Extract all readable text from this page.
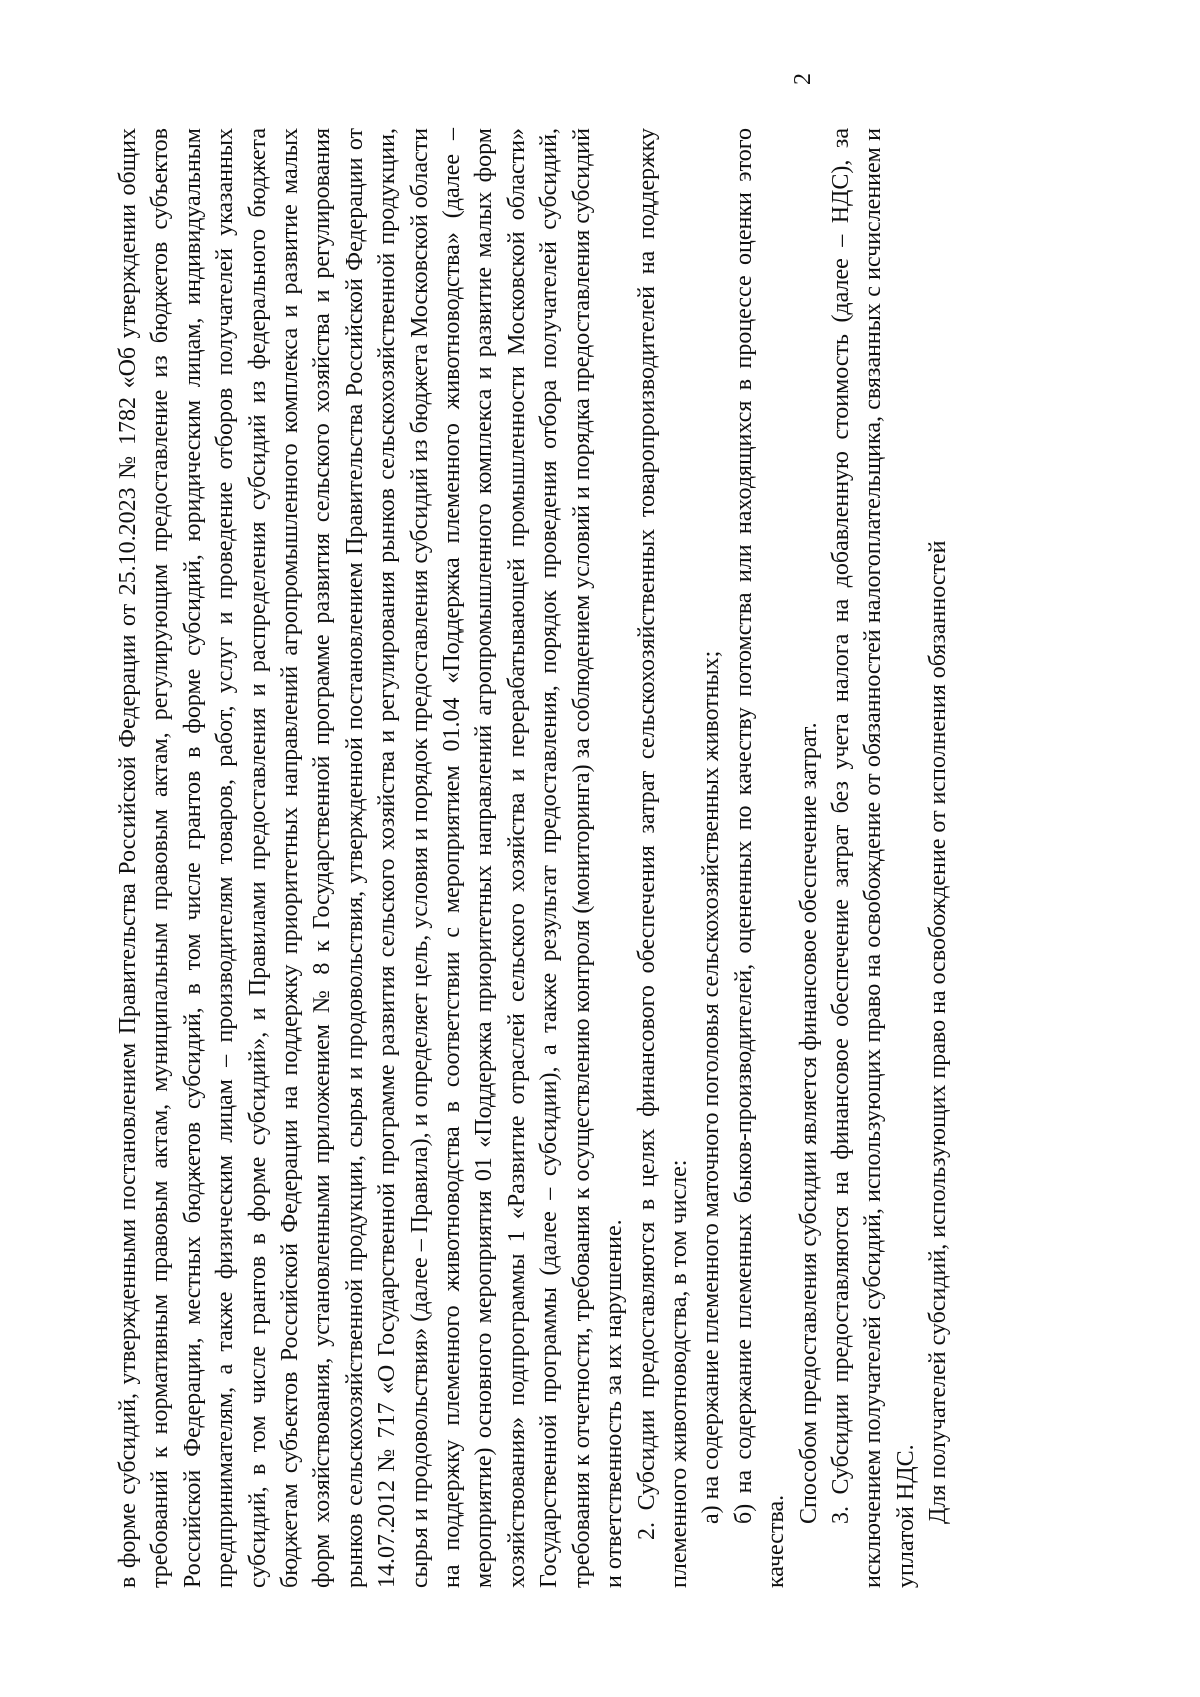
2

в форме субсидий, утвержденными постановлением Правительства Российской Федерации от 25.10.2023 № 1782 «Об утверждении общих требований к нормативным правовым актам, муниципальным правовым актам, регулирующим предоставление из бюджетов субъектов Российской Федерации, местных бюджетов субсидий, в том числе грантов в форме субсидий, юридическим лицам, индивидуальным предпринимателям, а также физическим лицам – производителям товаров, работ, услуг и проведение отборов получателей указанных субсидий, в том числе грантов в форме субсидий», и Правилами предоставления и распределения субсидий из федерального бюджета бюджетам субъектов Российской Федерации на поддержку приоритетных направлений агропромышленного комплекса и развитие малых форм хозяйствования, установленными приложением № 8 к Государственной программе развития сельского хозяйства и регулирования рынков сельскохозяйственной продукции, сырья и продовольствия, утвержденной постановлением Правительства Российской Федерации от 14.07.2012 № 717 «О Государственной программе развития сельского хозяйства и регулирования рынков сельскохозяйственной продукции, сырья и продовольствия» (далее – Правила), и определяет цель, условия и порядок предоставления субсидий из бюджета Московской области на поддержку племенного животноводства в соответствии с мероприятием 01.04 «Поддержка племенного животноводства» (далее – мероприятие) основного мероприятия 01 «Поддержка приоритетных направлений агропромышленного комплекса и развитие малых форм хозяйствования» подпрограммы 1 «Развитие отраслей сельского хозяйства и перерабатывающей промышленности Московской области» Государственной программы (далее – субсидии), а также результат предоставления, порядок проведения отбора получателей субсидий, требования к отчетности, требования к осуществлению контроля (мониторинга) за соблюдением условий и порядка предоставления субсидий и ответственность за их нарушение. 2. Субсидии предоставляются в целях финансового обеспечения затрат сельскохозяйственных товаропроизводителей на поддержку племенного животноводства, в том числе: а) на содержание племенного маточного поголовья сельскохозяйственных животных; б) на содержание племенных быков-производителей, оцененных по качеству потомства или находящихся в процессе оценки этого качества.

Способом предоставления субсидии является финансовое обеспечение затрат. 3. Субсидии предоставляются на финансовое обеспечение затрат без учета налога на добавленную стоимость (далее – НДС), за исключением получателей субсидий, использующих право на освобождение от обязанностей налогоплательщика, связанных с исчислением и уплатой НДС. Для получателей субсидий, использующих право на освобождение от исполнения обязанностей
